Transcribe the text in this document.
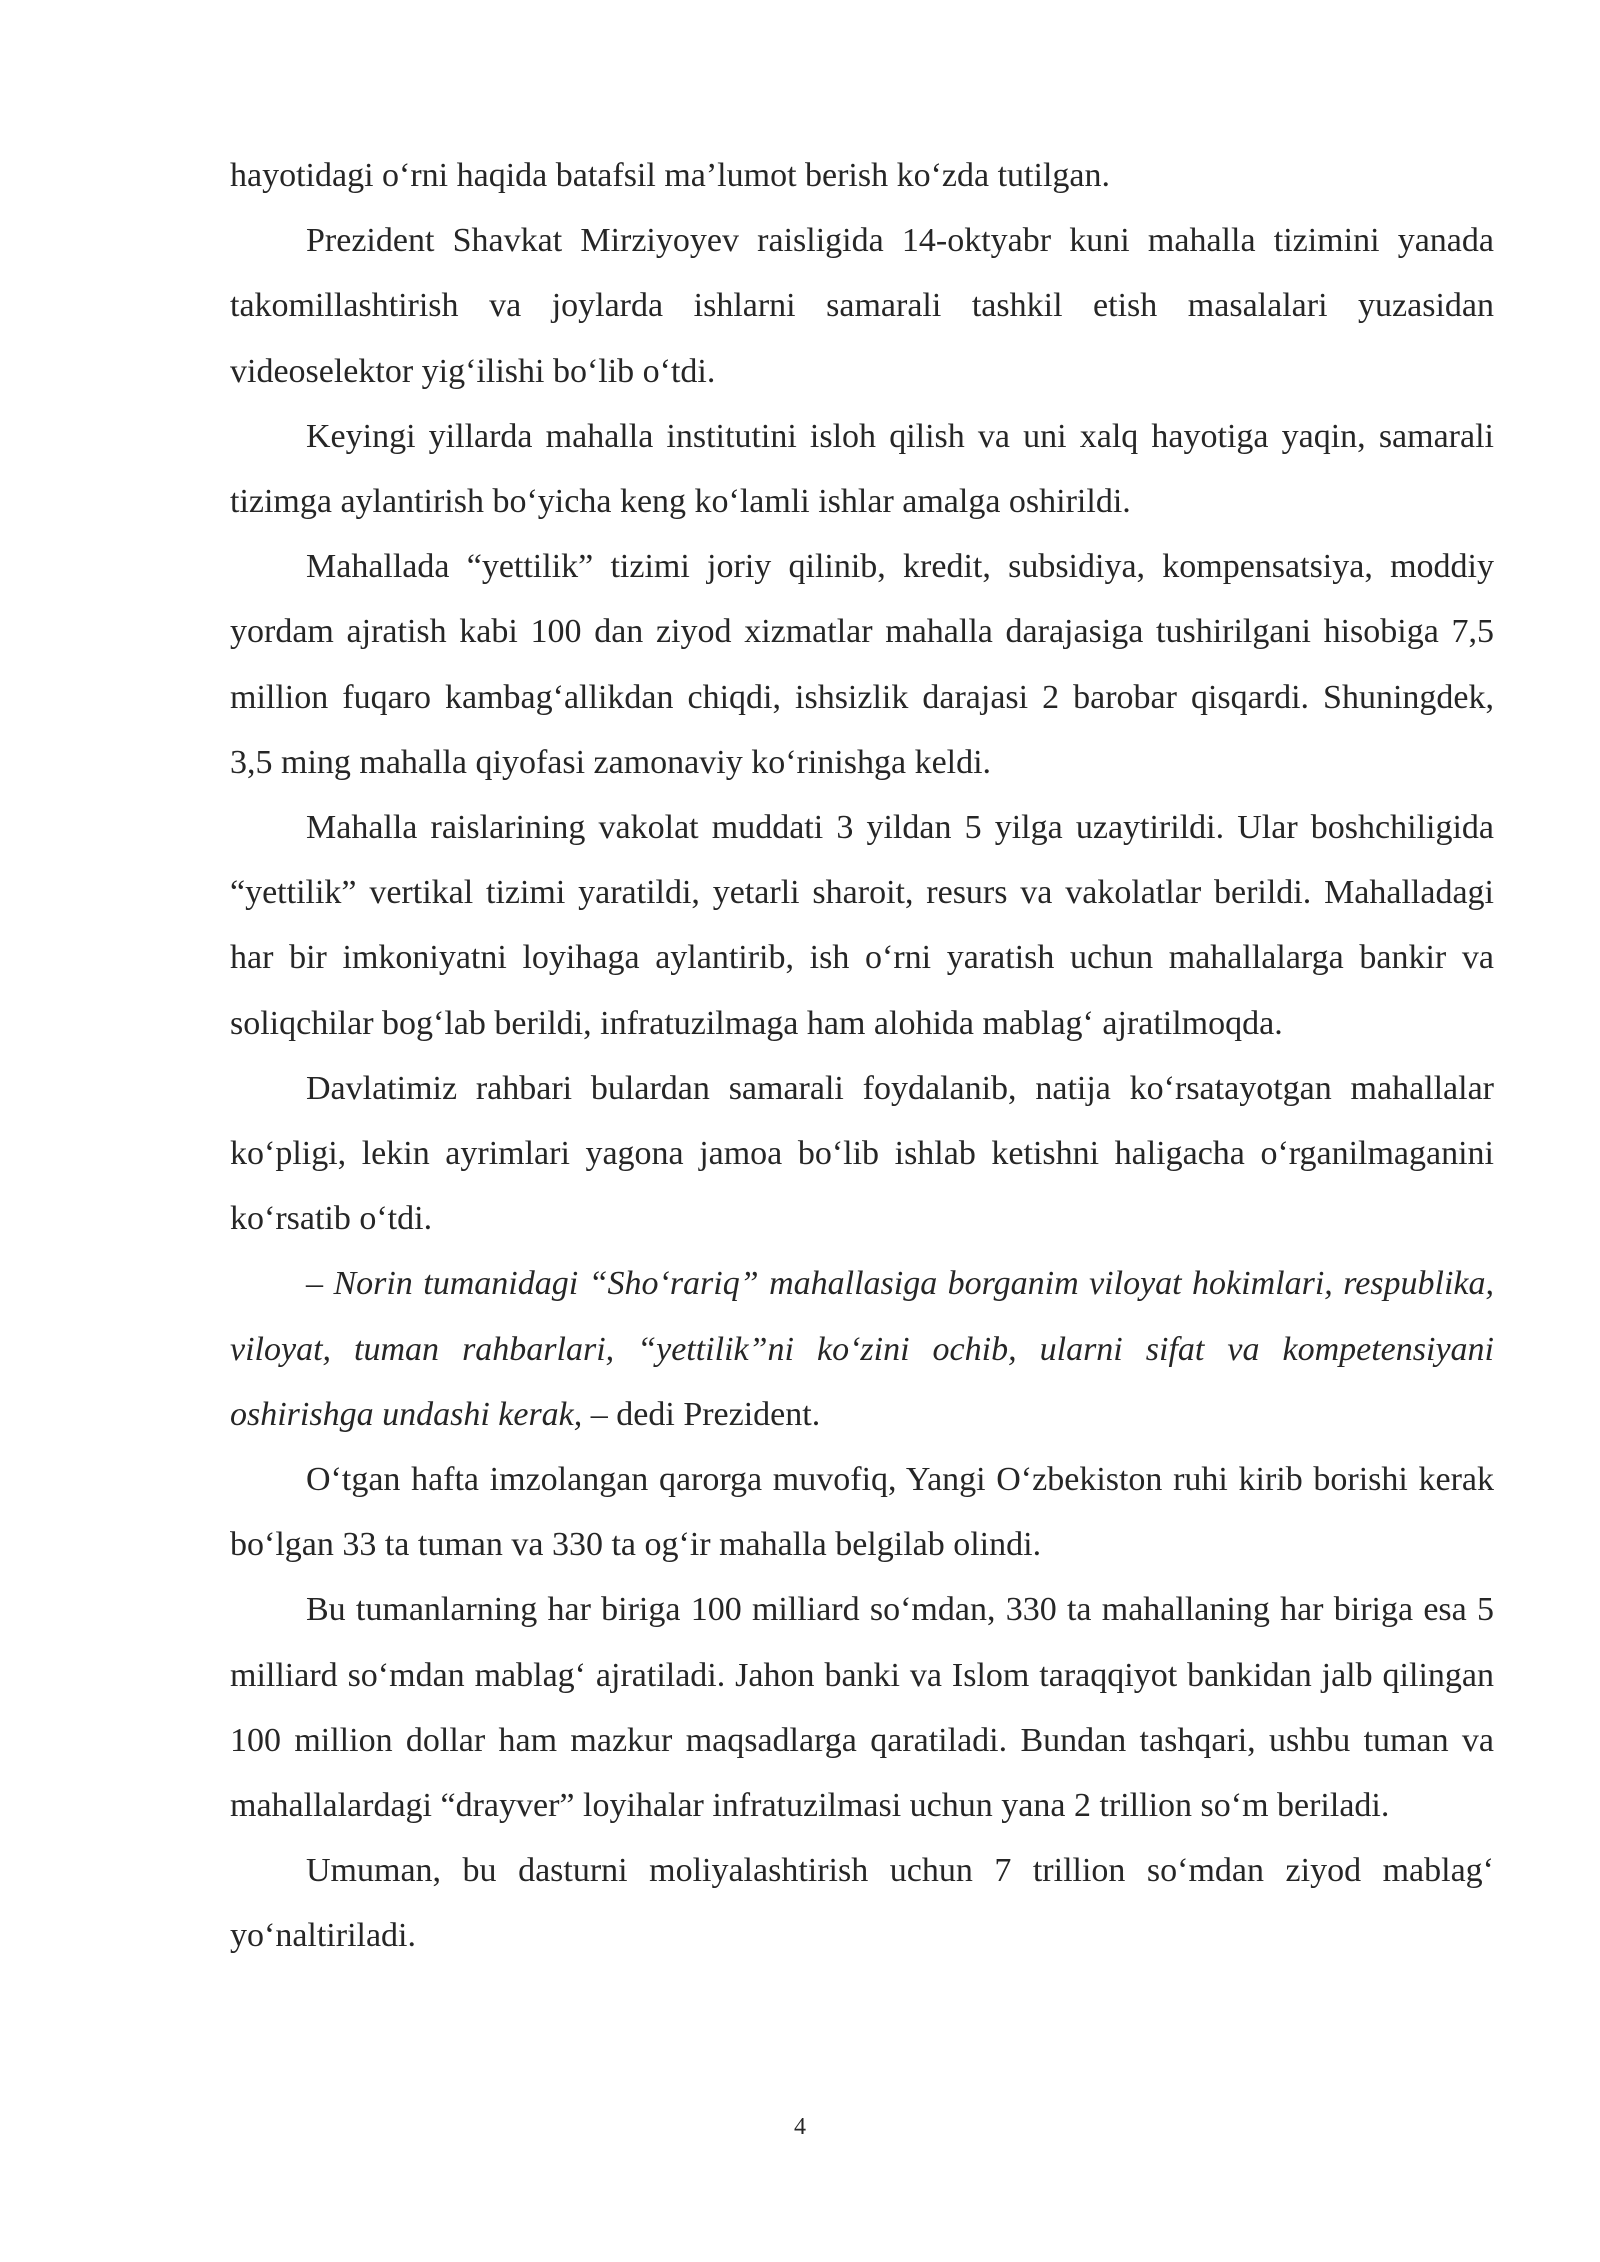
hayotidagi o‘rni haqida batafsil ma’lumot berish ko‘zda tutilgan.

Prezident Shavkat Mirziyoyev raisligida 14-oktyabr kuni mahalla tizimini yanada takomillashtirish va joylarda ishlarni samarali tashkil etish masalalari yuzasidan videoselektor yig‘ilishi bo‘lib o‘tdi.

Keyingi yillarda mahalla institutini isloh qilish va uni xalq hayotiga yaqin, samarali tizimga aylantirish bo‘yicha keng ko‘lamli ishlar amalga oshirildi.

Mahallada “yettilik” tizimi joriy qilinib, kredit, subsidiya, kompensatsiya, moddiy yordam ajratish kabi 100 dan ziyod xizmatlar mahalla darajasiga tushirilgani hisobiga 7,5 million fuqaro kambag‘allikdan chiqdi, ishsizlik darajasi 2 barobar qisqardi. Shuningdek, 3,5 ming mahalla qiyofasi zamonaviy ko‘rinishga keldi.

Mahalla raislarining vakolat muddati 3 yildan 5 yilga uzaytirildi. Ular boshchiligida “yettilik” vertikal tizimi yaratildi, yetarli sharoit, resurs va vakolatlar berildi. Mahalladagi har bir imkoniyatni loyihaga aylantirib, ish o‘rni yaratish uchun mahallalarga bankir va soliqchilar bog‘lab berildi, infratuzilmaga ham alohida mablag‘ ajratilmoqda.

Davlatimiz rahbari bulardan samarali foydalanib, natija ko‘rsatayotgan mahallalar ko‘pligi, lekin ayrimlari yagona jamoa bo‘lib ishlab ketishni haligacha o‘rganilmaganini ko‘rsatib o‘tdi.

– Norin tumanidagi “Sho‘rariq” mahallasiga borganim viloyat hokimlari, respublika, viloyat, tuman rahbarlari, “yettilik”ni ko‘zini ochib, ularni sifat va kompetensiyani oshirishga undashi kerak, – dedi Prezident.

O‘tgan hafta imzolangan qarorga muvofiq, Yangi O‘zbekiston ruhi kirib borishi kerak bo‘lgan 33 ta tuman va 330 ta og‘ir mahalla belgilab olindi.

Bu tumanlarning har biriga 100 milliard so‘mdan, 330 ta mahallaning har biriga esa 5 milliard so‘mdan mablag‘ ajratiladi. Jahon banki va Islom taraqqiyot bankidan jalb qilingan 100 million dollar ham mazkur maqsadlarga qaratiladi. Bundan tashqari, ushbu tuman va mahallalardagi “drayver” loyihalar infratuzilmasi uchun yana 2 trillion so‘m beriladi.

Umuman, bu dasturni moliyalashtirish uchun 7 trillion so‘mdan ziyod mablag‘ yo‘naltiriladi.

4
